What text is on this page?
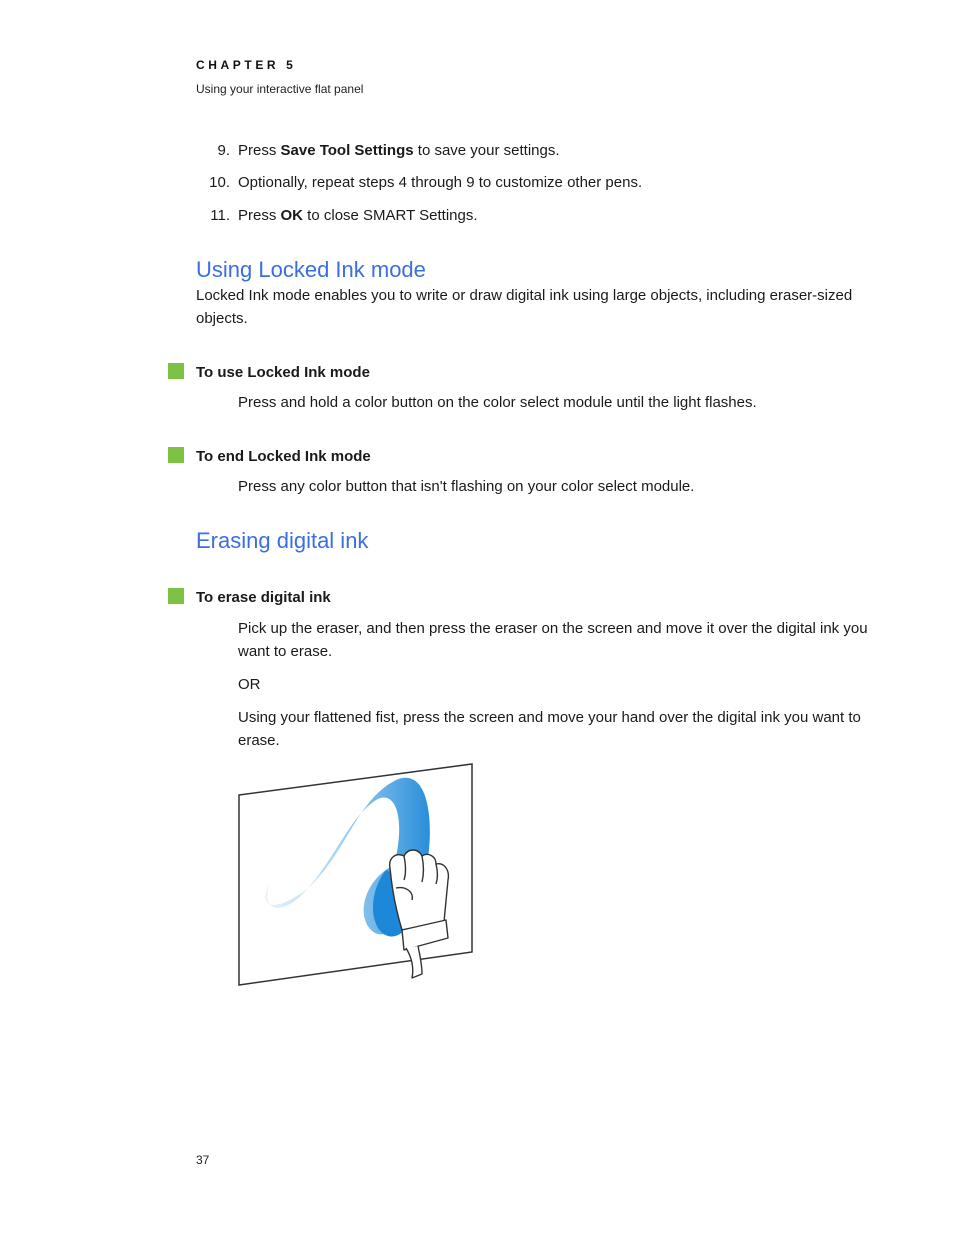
CHAPTER 5
Using your interactive flat panel
9. Press Save Tool Settings to save your settings.
10. Optionally, repeat steps 4 through 9 to customize other pens.
11. Press OK to close SMART Settings.
Using Locked Ink mode
Locked Ink mode enables you to write or draw digital ink using large objects, including eraser-sized objects.
To use Locked Ink mode
Press and hold a color button on the color select module until the light flashes.
To end Locked Ink mode
Press any color button that isn't flashing on your color select module.
Erasing digital ink
To erase digital ink
Pick up the eraser, and then press the eraser on the screen and move it over the digital ink you want to erase.
OR
Using your flattened fist, press the screen and move your hand over the digital ink you want to erase.
37
